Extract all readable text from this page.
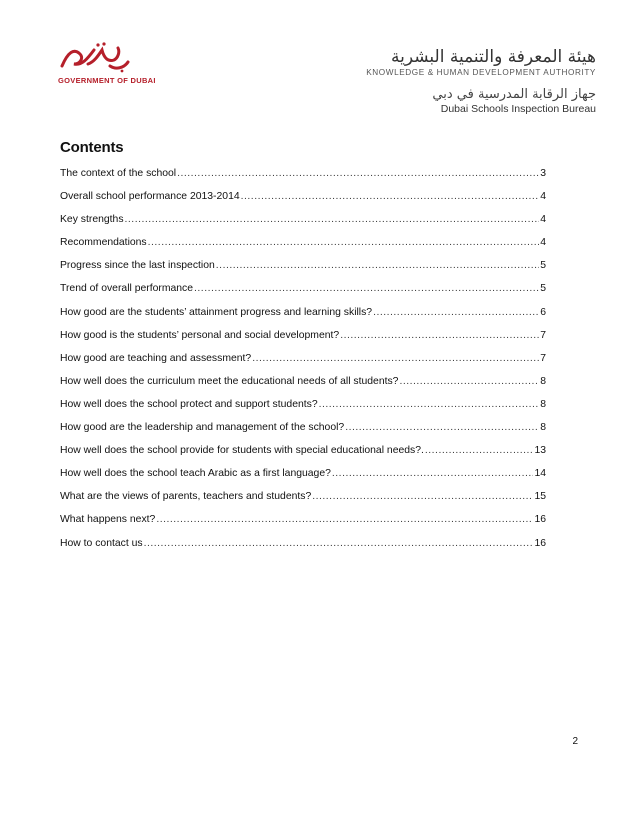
GOVERNMENT OF DUBAI
هيئة المعرفة والتنمية البشرية
KNOWLEDGE & HUMAN DEVELOPMENT AUTHORITY
جهاز الرقابة المدرسية في دبي
Dubai Schools Inspection Bureau
Contents
The context of the school .....	3
Overall school performance 2013-2014 .....	4
Key strengths .....	4
Recommendations .....	4
Progress since the last inspection .....	5
Trend of overall performance .....	5
How good are the students’ attainment progress and learning skills? .....	6
How good is the students’ personal and social development? .....	7
How good are teaching and assessment? .....	7
How well does the curriculum meet the educational needs of all students? .....	8
How well does the school protect and support students? .....	8
How good are the leadership and management of the school? .....	8
How well does the school provide for students with special educational needs?. .....	13
How well does the school teach Arabic as a first language? .....	14
What are the views of parents, teachers and students? .....	15
What happens next? .....	16
How to contact us .....	16
2
